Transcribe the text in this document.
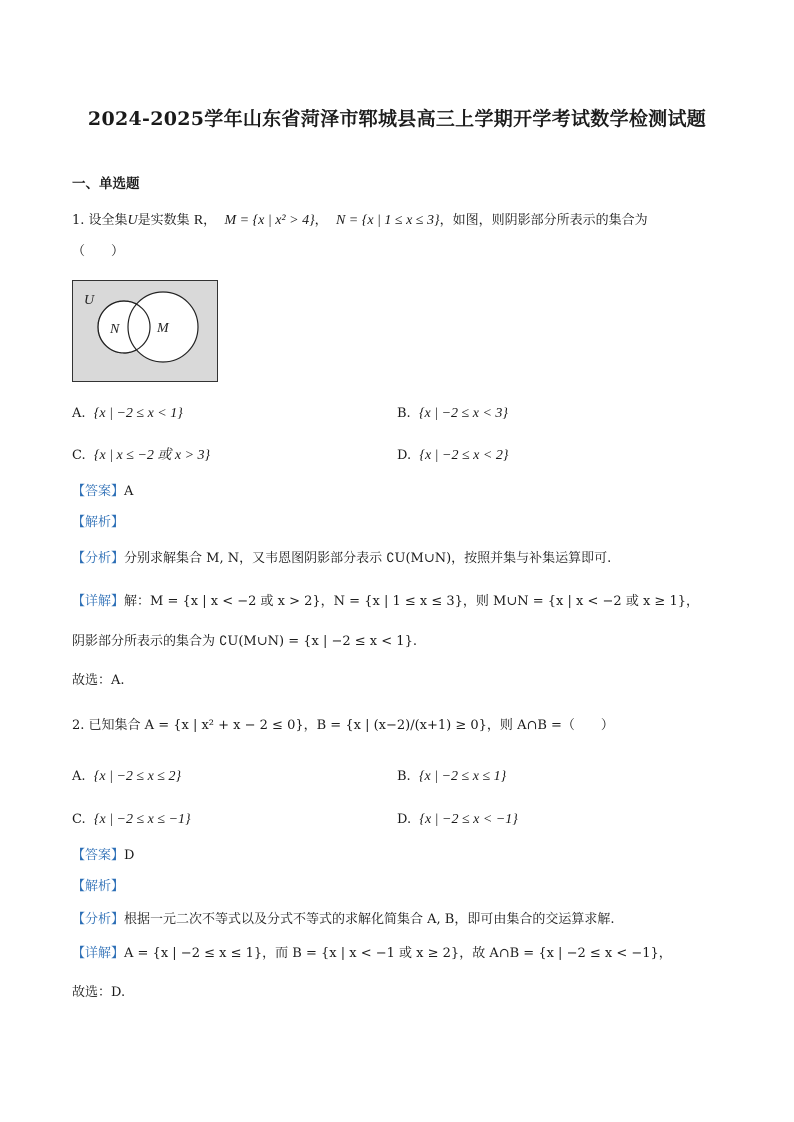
2024-2025学年山东省菏泽市郓城县高三上学期开学考试数学检测试题
一、单选题
1. 设全集U是实数集 R，  M = {x | x² > 4}，  N = {x | 1 ≤ x ≤ 3}，如图，则阴影部分所表示的集合为
（　　）
U
N	M
A. {x | −2 ≤ x < 1}	B. {x | −2 ≤ x < 3}
C. {x | x ≤ −2 或 x > 3}	D. {x | −2 ≤ x < 2}
【答案】A
【解析】
【分析】分别求解集合 M, N，又韦恩图阴影部分表示 ∁U(M∪N)，按照并集与补集运算即可.
【详解】解：M = {x | x < −2 或 x > 2}，N = {x | 1 ≤ x ≤ 3}，则 M∪N = {x | x < −2 或 x ≥ 1}，
阴影部分所表示的集合为 ∁U(M∪N) = {x | −2 ≤ x < 1}.
故选：A.
2. 已知集合 A = {x | x² + x − 2 ≤ 0}，B = {x | (x−2)/(x+1) ≥ 0}，则 A∩B =（　　）
A. {x | −2 ≤ x ≤ 2}	B. {x | −2 ≤ x ≤ 1}
C. {x | −2 ≤ x ≤ −1}	D. {x | −2 ≤ x < −1}
【答案】D
【解析】
【分析】根据一元二次不等式以及分式不等式的求解化简集合 A, B，即可由集合的交运算求解.
【详解】A = {x | −2 ≤ x ≤ 1}，而 B = {x | x < −1 或 x ≥ 2}，故 A∩B = {x | −2 ≤ x < −1}，
故选：D.
